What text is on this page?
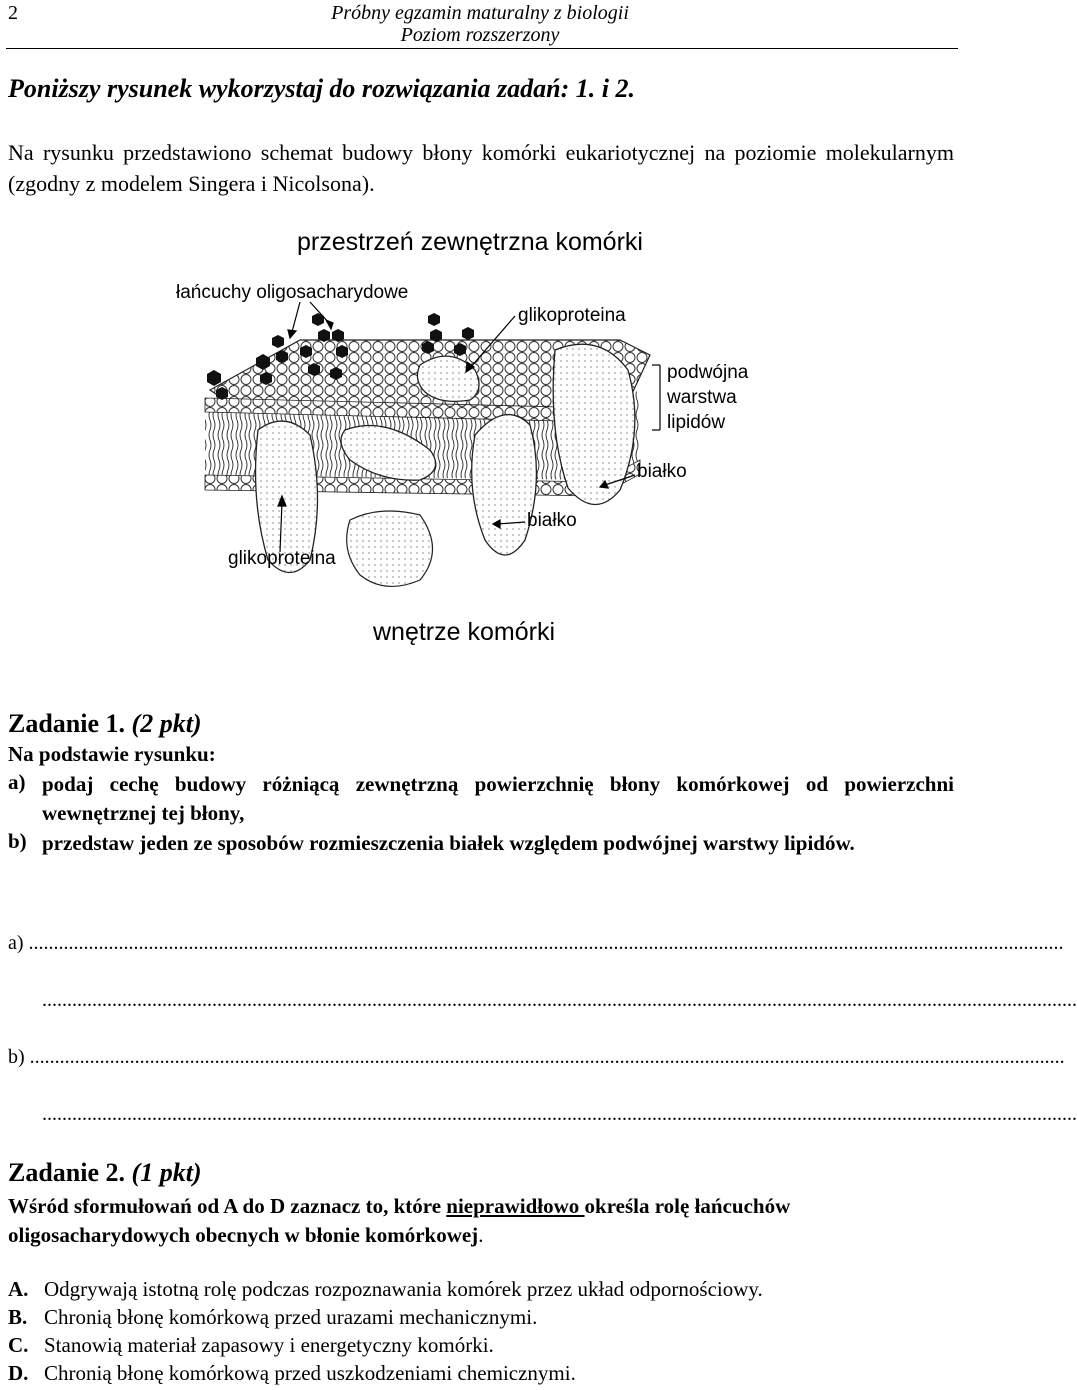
2	Próbny egzamin maturalny z biologii
Poziom rozszerzony
Poniższy rysunek wykorzystaj do rozwiązania zadań: 1. i 2.
Na rysunku przedstawiono schemat budowy błony komórki eukariotycznej na poziomie molekularnym (zgodny z modelem Singera i Nicolsona).
przestrzeń zewnętrzna komórki
łańcuchy oligosacharydowe
glikoproteina
podwójna
warstwa
lipidów
białko
białko
glikoproteina
wnętrze komórki
Zadanie 1. (2 pkt)
Na podstawie rysunku:
a) podaj cechę budowy różniącą zewnętrzną powierzchnię błony komórkowej od powierzchni wewnętrznej tej błony,
b) przedstaw jeden ze sposobów rozmieszczenia białek względem podwójnej warstwy lipidów.
a) ...............................................................................................................................................................................................................
...............................................................................................................................................................................................................
b) ...............................................................................................................................................................................................................
...............................................................................................................................................................................................................
Zadanie 2. (1 pkt)
Wśród sformułowań od A do D zaznacz to, które nieprawidłowo określa rolę łańcuchów oligosacharydowych obecnych w błonie komórkowej.
A. Odgrywają istotną rolę podczas rozpoznawania komórek przez układ odpornościowy.
B. Chronią błonę komórkową przed urazami mechanicznymi.
C. Stanowią materiał zapasowy i energetyczny komórki.
D. Chronią błonę komórkową przed uszkodzeniami chemicznymi.
